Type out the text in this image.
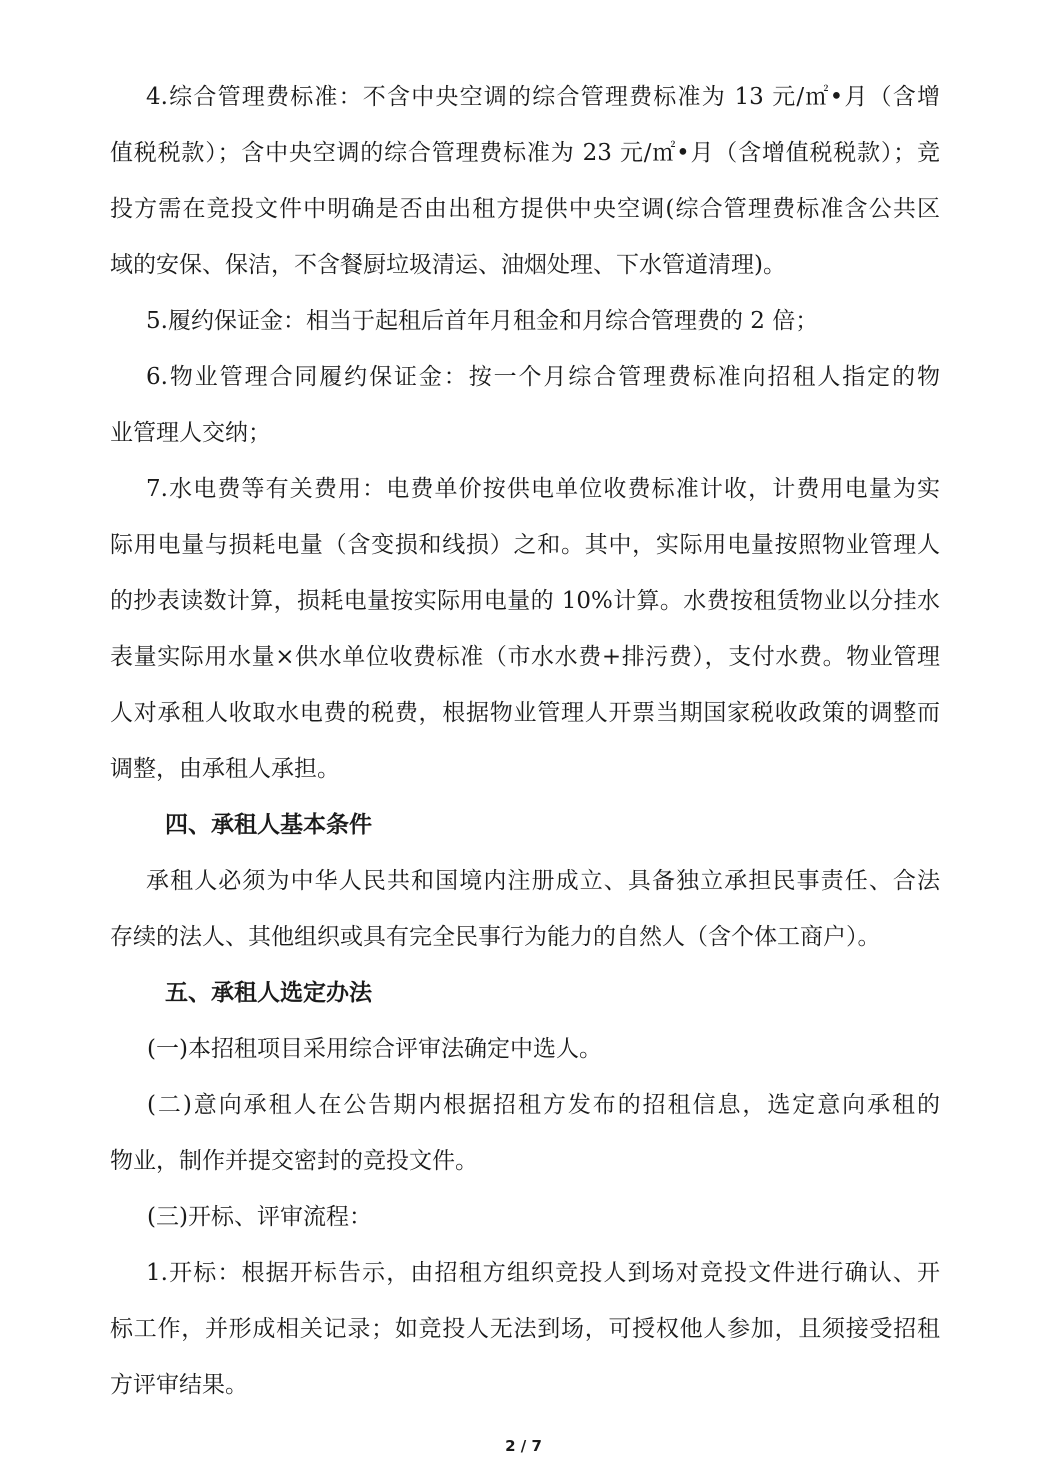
4.综合管理费标准：不含中央空调的综合管理费标准为 13 元/㎡•月（含增
值税税款）；含中央空调的综合管理费标准为 23 元/㎡•月（含增值税税款）；竞
投方需在竞投文件中明确是否由出租方提供中央空调(综合管理费标准含公共区
域的安保、保洁，不含餐厨垃圾清运、油烟处理、下水管道清理)。
5.履约保证金：相当于起租后首年月租金和月综合管理费的 2 倍；
6.物业管理合同履约保证金：按一个月综合管理费标准向招租人指定的物
业管理人交纳；
7.水电费等有关费用：电费单价按供电单位收费标准计收，计费用电量为实
际用电量与损耗电量（含变损和线损）之和。其中，实际用电量按照物业管理人
的抄表读数计算，损耗电量按实际用电量的 10%计算。水费按租赁物业以分挂水
表量实际用水量×供水单位收费标准（市水水费+排污费），支付水费。物业管理
人对承租人收取水电费的税费，根据物业管理人开票当期国家税收政策的调整而
调整，由承租人承担。
四、承租人基本条件
承租人必须为中华人民共和国境内注册成立、具备独立承担民事责任、合法
存续的法人、其他组织或具有完全民事行为能力的自然人（含个体工商户）。
五、承租人选定办法
(一)本招租项目采用综合评审法确定中选人。
(二)意向承租人在公告期内根据招租方发布的招租信息，选定意向承租的
物业，制作并提交密封的竞投文件。
(三)开标、评审流程：
1.开标：根据开标告示，由招租方组织竞投人到场对竞投文件进行确认、开
标工作，并形成相关记录；如竞投人无法到场，可授权他人参加，且须接受招租
方评审结果。
2 / 7
